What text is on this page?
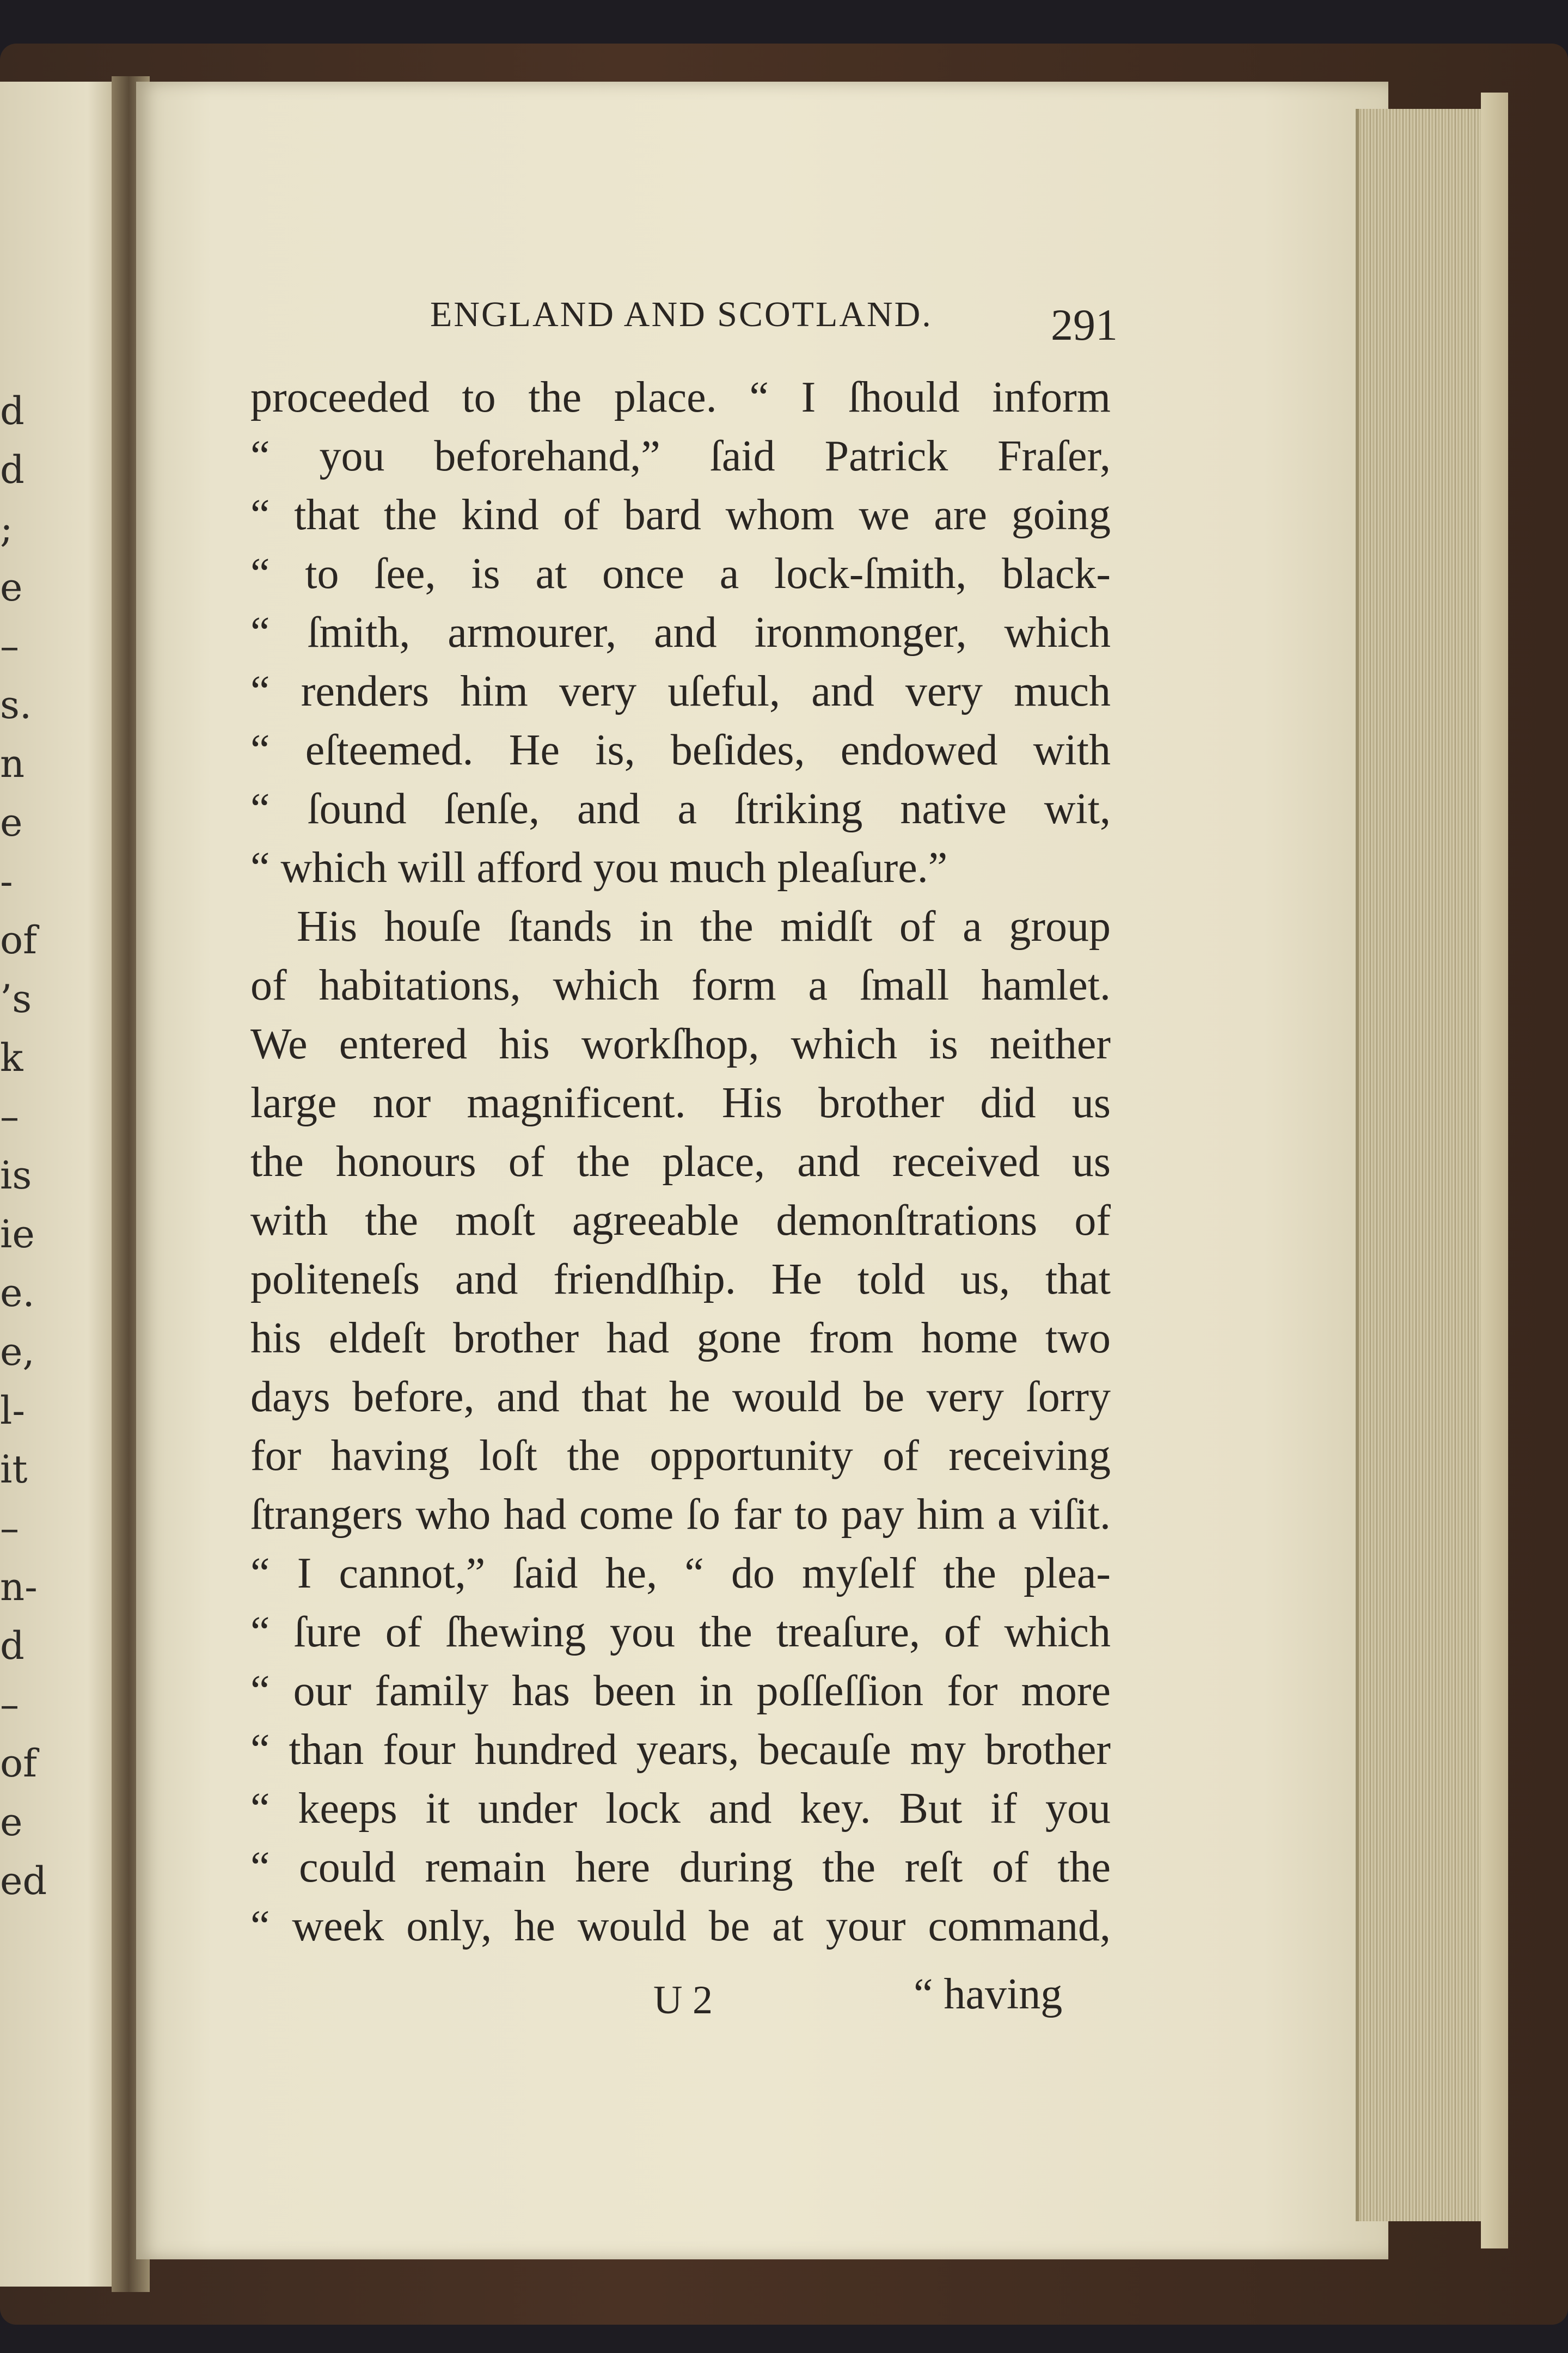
d
d
;
e
–
s.
n
e
-
of
’s
k
–
is
ie
e.
e,
l-
it
–
n-
d
–
of
e
ed
ENGLAND AND SCOTLAND.	291
proceeded to the place. “ I ſhould inform
“ you beforehand,” ſaid Patrick Fraſer,
“ that the kind of bard whom we are going
“ to ſee, is at once a lock-ſmith, black-
“ ſmith, armourer, and ironmonger, which
“ renders him very uſeful, and very much
“ eſteemed. He is, beſides, endowed with
“ ſound ſenſe, and a ſtriking native wit,
“ which will afford you much pleaſure.”
His houſe ſtands in the midſt of a group
of habitations, which form a ſmall hamlet.
We entered his workſhop, which is neither
large nor magnificent. His brother did us
the honours of the place, and received us
with the moſt agreeable demonſtrations of
politeneſs and friendſhip. He told us, that
his eldeſt brother had gone from home two
days before, and that he would be very ſorry
for having loſt the opportunity of receiving
ſtrangers who had come ſo far to pay him a viſit.
“ I cannot,” ſaid he, “ do myſelf the plea-
“ ſure of ſhewing you the treaſure, of which
“ our family has been in poſſeſſion for more
“ than four hundred years, becauſe my brother
“ keeps it under lock and key. But if you
“ could remain here during the reſt of the
“ week only, he would be at your command,
U 2	“ having
